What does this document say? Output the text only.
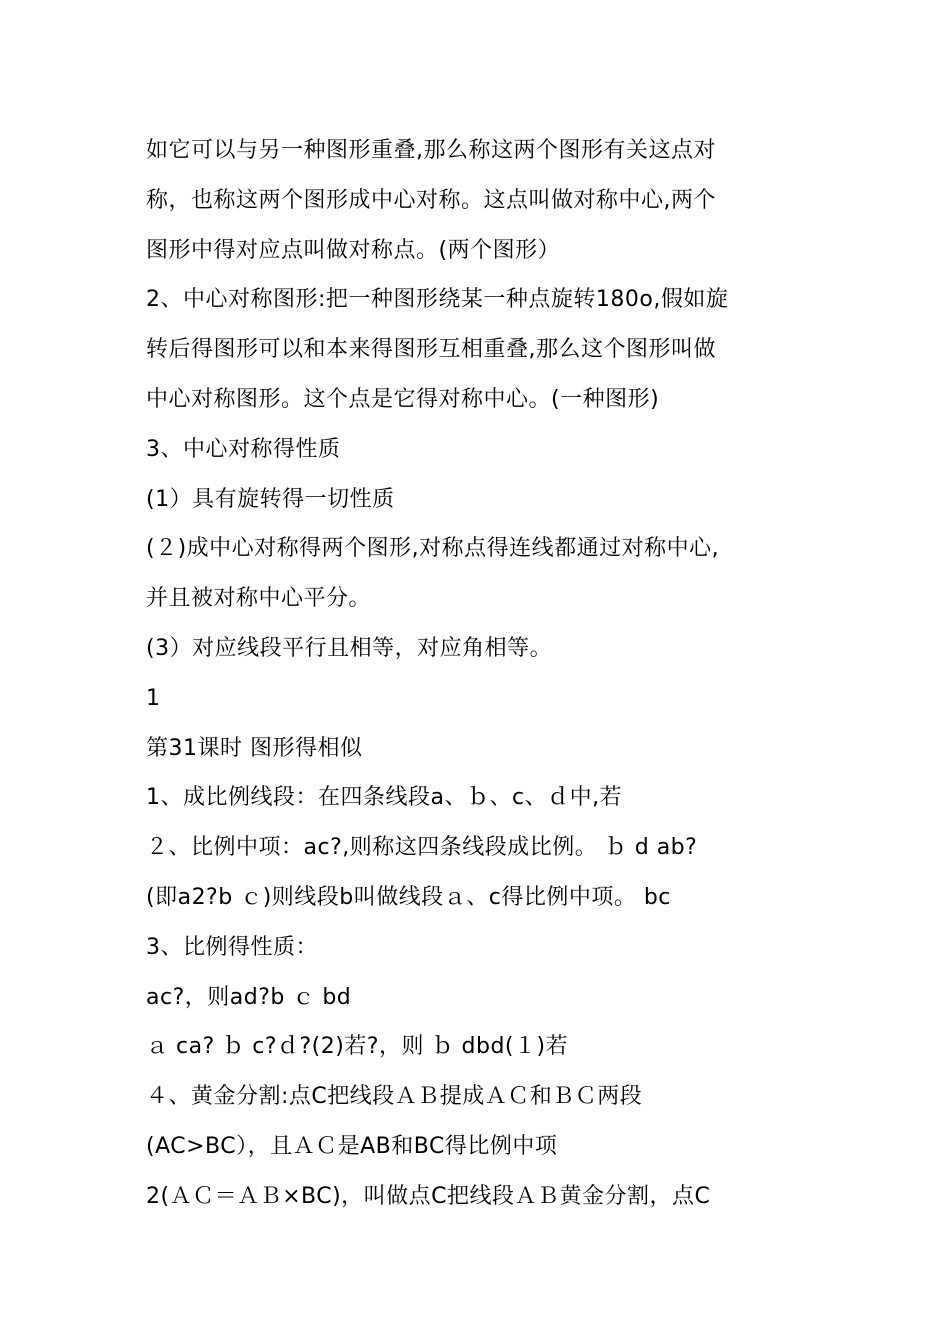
如它可以与另一种图形重叠,那么称这两个图形有关这点对
称，也称这两个图形成中心对称。这点叫做对称中心,两个
图形中得对应点叫做对称点。(两个图形）
2、中心对称图形:把一种图形绕某一种点旋转180o,假如旋
转后得图形可以和本来得图形互相重叠,那么这个图形叫做
中心对称图形。这个点是它得对称中心。(一种图形)
3、中心对称得性质
(1）具有旋转得一切性质
(２)成中心对称得两个图形,对称点得连线都通过对称中心,
并且被对称中心平分。
(3）对应线段平行且相等，对应角相等。
1
第31课时 图形得相似
1、成比例线段：在四条线段a、ｂ、c、ｄ中,若
２、比例中项：ac?,则称这四条线段成比例。 ｂ d ab?
(即a2?b ｃ)则线段b叫做线段ａ、c得比例中项。 bc
3、比例得性质：
ac?，则ad?b ｃ bd
ａ ca? ｂ c?ｄ?(2)若?，则 ｂ dbd(１)若
４、黄金分割:点C把线段ＡＢ提成ＡＣ和ＢＣ两段
(AC>BC），且ＡＣ是AB和BC得比例中项
2(ＡＣ＝ＡＢ×BC)，叫做点C把线段ＡＢ黄金分割，点C
